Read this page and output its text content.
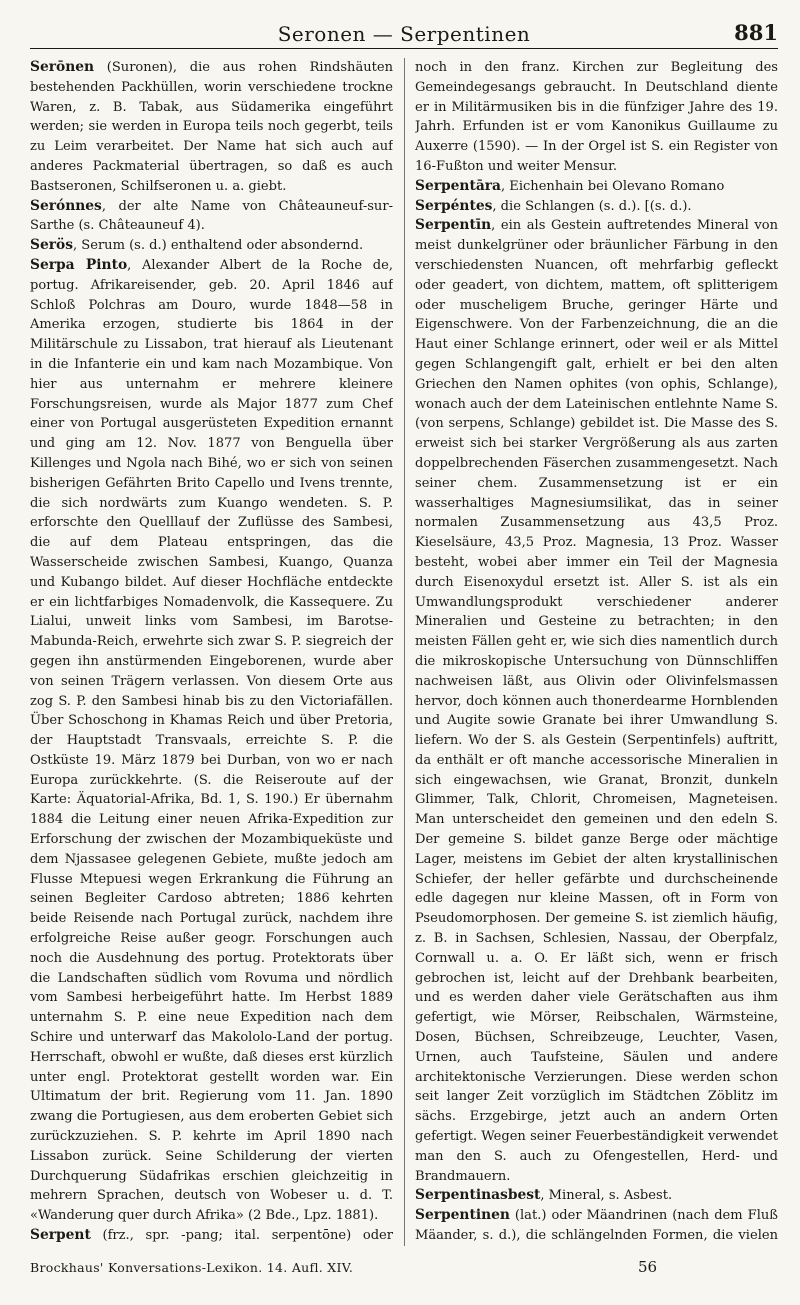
Seronen — Serpentinen	881

Serōnen (Suronen), die aus rohen Rindshäuten bestehenden Packhüllen, worin verschiedene trockne Waren, z. B. Tabak, aus Südamerika eingeführt werden; sie werden in Europa teils noch gegerbt, teils zu Leim verarbeitet. Der Name hat sich auch auf anderes Packmaterial übertragen, so daß es auch Bastseronen, Schilfseronen u. a. giebt.

Serónnes, der alte Name von Châteauneuf-sur-Sarthe (s. Châteauneuf 4).

Serös, Serum (s. d.) enthaltend oder absondernd.

Serpa Pinto, Alexander Albert de la Roche de, portug. Afrikareisender, geb. 20. April 1846 auf Schloß Polchras am Douro, wurde 1848—58 in Amerika erzogen, studierte bis 1864 in der Militärschule zu Lissabon, trat hierauf als Lieutenant in die Infanterie ein und kam nach Mozambique. Von hier aus unternahm er mehrere kleinere Forschungsreisen, wurde als Major 1877 zum Chef einer von Portugal ausgerüsteten Expedition ernannt und ging am 12. Nov. 1877 von Benguella über Killenges und Ngola nach Bihé, wo er sich von seinen bisherigen Gefährten Brito Capello und Ivens trennte, die sich nordwärts zum Kuango wendeten. S. P. erforschte den Quelllauf der Zuflüsse des Sambesi, die auf dem Plateau entspringen, das die Wasserscheide zwischen Sambesi, Kuango, Quanza und Kubango bildet. Auf dieser Hochfläche entdeckte er ein lichtfarbiges Nomadenvolk, die Kassequere. Zu Lialui, unweit links vom Sambesi, im Barotse-Mabunda-Reich, erwehrte sich zwar S. P. siegreich der gegen ihn anstürmenden Eingeborenen, wurde aber von seinen Trägern verlassen. Von diesem Orte aus zog S. P. den Sambesi hinab bis zu den Victoriafällen. Über Schoschong in Khamas Reich und über Pretoria, der Hauptstadt Transvaals, erreichte S. P. die Ostküste 19. März 1879 bei Durban, von wo er nach Europa zurückkehrte. (S. die Reiseroute auf der Karte: Äquatorial-Afrika, Bd. 1, S. 190.) Er übernahm 1884 die Leitung einer neuen Afrika-Expedition zur Erforschung der zwischen der Mozambiqueküste und dem Njassasee gelegenen Gebiete, mußte jedoch am Flusse Mtepuesi wegen Erkrankung die Führung an seinen Begleiter Cardoso abtreten; 1886 kehrten beide Reisende nach Portugal zurück, nachdem ihre erfolgreiche Reise außer geogr. Forschungen auch noch die Ausdehnung des portug. Protektorats über die Landschaften südlich vom Rovuma und nördlich vom Sambesi herbeigeführt hatte. Im Herbst 1889 unternahm S. P. eine neue Expedition nach dem Schire und unterwarf das Makololo-Land der portug. Herrschaft, obwohl er wußte, daß dieses erst kürzlich unter engl. Protektorat gestellt worden war. Ein Ultimatum der brit. Regierung vom 11. Jan. 1890 zwang die Portugiesen, aus dem eroberten Gebiet sich zurückzuziehen. S. P. kehrte im April 1890 nach Lissabon zurück. Seine Schilderung der vierten Durchquerung Südafrikas erschien gleichzeitig in mehrern Sprachen, deutsch von Wobeser u. d. T. «Wanderung quer durch Afrika» (2 Bde., Lpz. 1881).

Serpent (frz., spr. -pang; ital. serpentōne) oder

noch in den franz. Kirchen zur Begleitung des Gemeindegesangs gebraucht. In Deutschland diente er in Militärmusiken bis in die fünfziger Jahre des 19. Jahrh. Erfunden ist er vom Kanonikus Guillaume zu Auxerre (1590). — In der Orgel ist S. ein Register von 16-Fußton und weiter Mensur.

Serpentāra, Eichenhain bei Olevano Romano

Serpéntes, die Schlangen (s. d.). [(s. d.).

Serpentīn, ein als Gestein auftretendes Mineral von meist dunkelgrüner oder bräunlicher Färbung in den verschiedensten Nuancen, oft mehrfarbig gefleckt oder geadert, von dichtem, mattem, oft splitterigem oder muscheligem Bruche, geringer Härte und Eigenschwere. Von der Farbenzeichnung, die an die Haut einer Schlange erinnert, oder weil er als Mittel gegen Schlangengift galt, erhielt er bei den alten Griechen den Namen ophites (von ophis, Schlange), wonach auch der dem Lateinischen entlehnte Name S. (von serpens, Schlange) gebildet ist. Die Masse des S. erweist sich bei starker Vergrößerung als aus zarten doppelbrechenden Fäserchen zusammengesetzt. Nach seiner chem. Zusammensetzung ist er ein wasserhaltiges Magnesiumsilikat, das in seiner normalen Zusammensetzung aus 43,5 Proz. Kieselsäure, 43,5 Proz. Magnesia, 13 Proz. Wasser besteht, wobei aber immer ein Teil der Magnesia durch Eisenoxydul ersetzt ist. Aller S. ist als ein Umwandlungsprodukt verschiedener anderer Mineralien und Gesteine zu betrachten; in den meisten Fällen geht er, wie sich dies namentlich durch die mikroskopische Untersuchung von Dünnschliffen nachweisen läßt, aus Olivin oder Olivinfelsmassen hervor, doch können auch thonerdearme Hornblenden und Augite sowie Granate bei ihrer Umwandlung S. liefern. Wo der S. als Gestein (Serpentinfels) auftritt, da enthält er oft manche accessorische Mineralien in sich eingewachsen, wie Granat, Bronzit, dunkeln Glimmer, Talk, Chlorit, Chromeisen, Magneteisen. Man unterscheidet den gemeinen und den edeln S. Der gemeine S. bildet ganze Berge oder mächtige Lager, meistens im Gebiet der alten krystallinischen Schiefer, der heller gefärbte und durchscheinende edle dagegen nur kleine Massen, oft in Form von Pseudomorphosen. Der gemeine S. ist ziemlich häufig, z. B. in Sachsen, Schlesien, Nassau, der Oberpfalz, Cornwall u. a. O. Er läßt sich, wenn er frisch gebrochen ist, leicht auf der Drehbank bearbeiten, und es werden daher viele Gerätschaften aus ihm gefertigt, wie Mörser, Reibschalen, Wärmsteine, Dosen, Büchsen, Schreibzeuge, Leuchter, Vasen, Urnen, auch Taufsteine, Säulen und andere architektonische Verzierungen. Diese werden schon seit langer Zeit vorzüglich im Städtchen Zöblitz im sächs. Erzgebirge, jetzt auch an andern Orten gefertigt. Wegen seiner Feuerbeständigkeit verwendet man den S. auch zu Ofengestellen, Herd- und Brandmauern.

Serpentinasbest, Mineral, s. Asbest.

Serpentinen (lat.) oder Mäandrinen (nach dem Fluß Mäander, s. d.), die schlängelnden Formen, die vielen

Brockhaus' Konversations-Lexikon. 14. Aufl. XIV.	56
